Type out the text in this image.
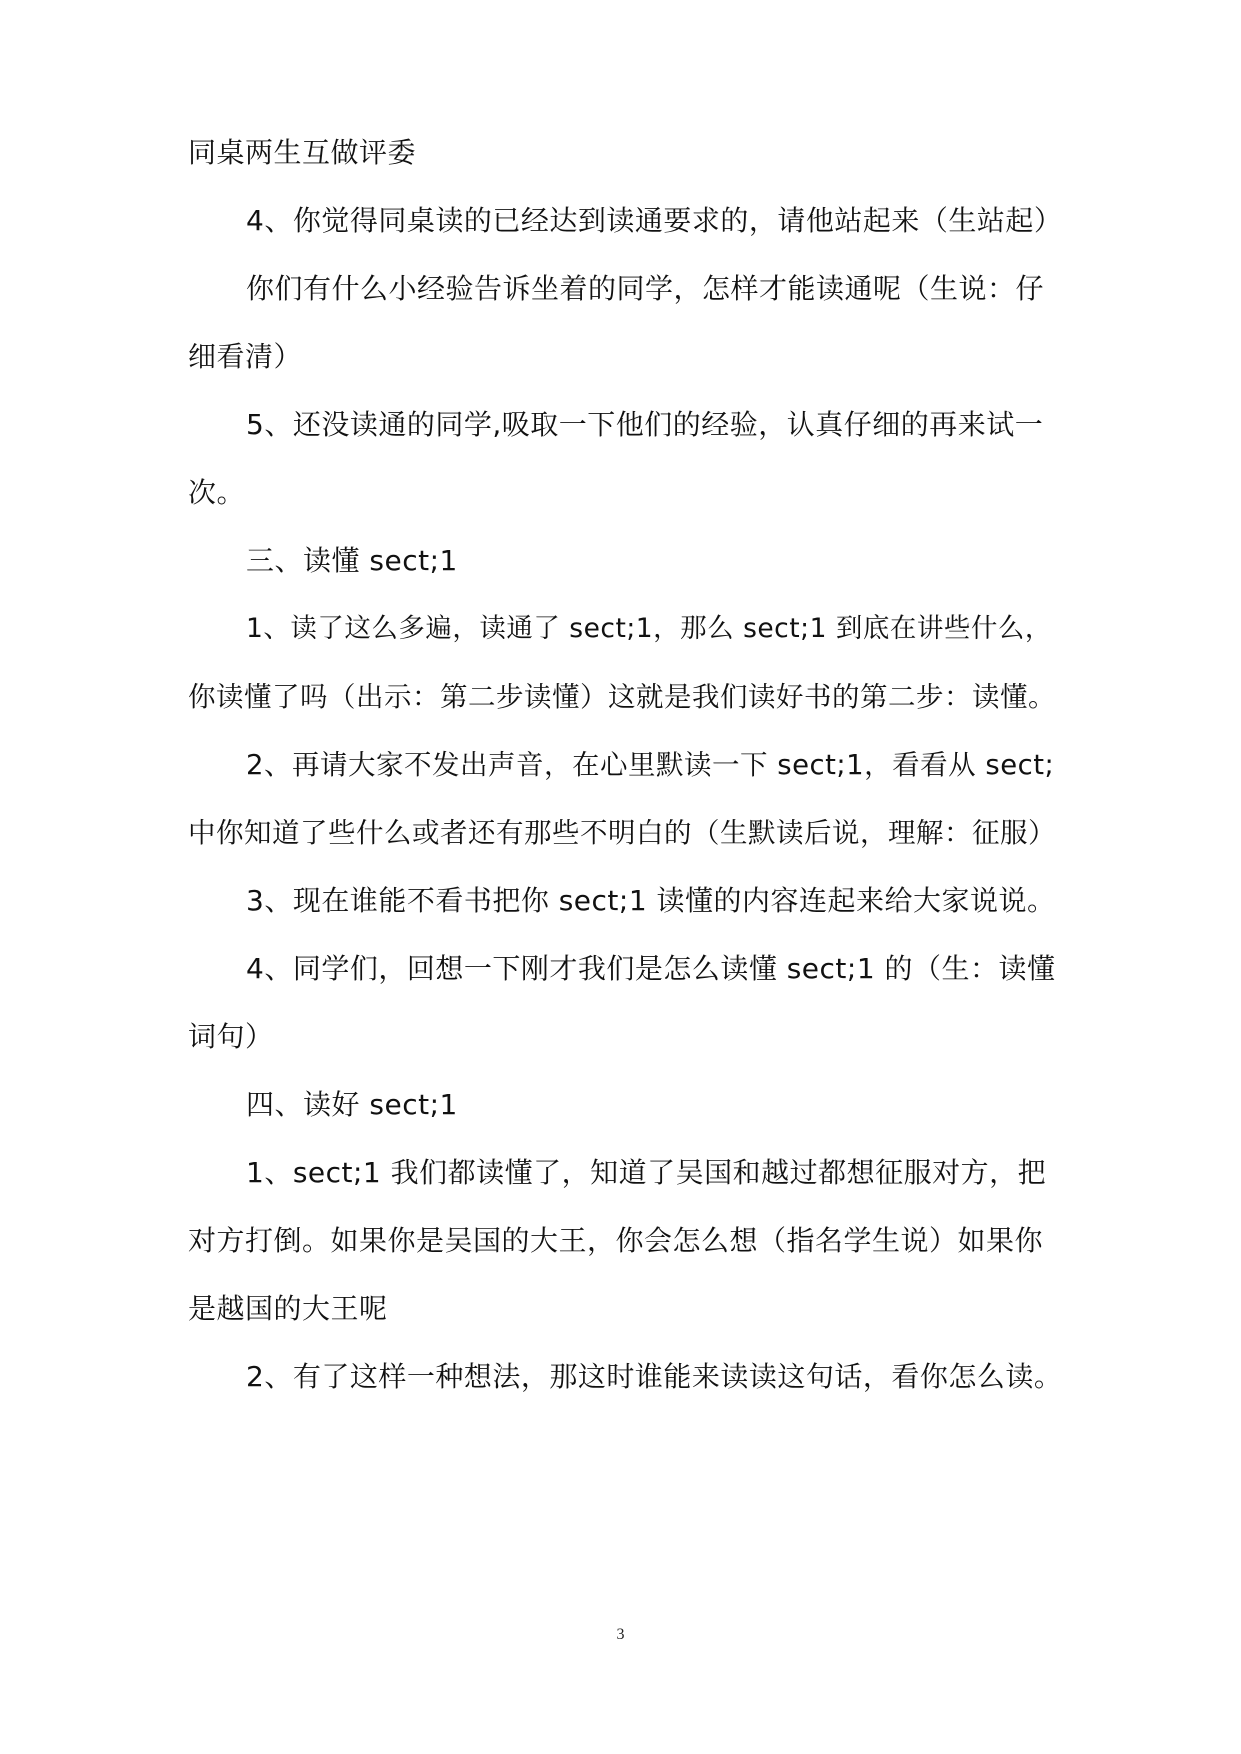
同桌两生互做评委
4、你觉得同桌读的已经达到读通要求的，请他站起来（生站起）
你们有什么小经验告诉坐着的同学，怎样才能读通呢（生说：仔
细看清）
5、还没读通的同学,吸取一下他们的经验，认真仔细的再来试一
次。
三、读懂 sect;1
1、读了这么多遍，读通了 sect;1，那么 sect;1 到底在讲些什么，
你读懂了吗（出示：第二步读懂）这就是我们读好书的第二步：读懂。
2、再请大家不发出声音，在心里默读一下 sect;1，看看从 sect;
中你知道了些什么或者还有那些不明白的（生默读后说，理解：征服）
3、现在谁能不看书把你 sect;1 读懂的内容连起来给大家说说。
4、同学们，回想一下刚才我们是怎么读懂 sect;1 的（生：读懂
词句）
四、读好 sect;1
1、sect;1 我们都读懂了，知道了吴国和越过都想征服对方，把
对方打倒。如果你是吴国的大王，你会怎么想（指名学生说）如果你
是越国的大王呢
2、有了这样一种想法，那这时谁能来读读这句话，看你怎么读。
3
